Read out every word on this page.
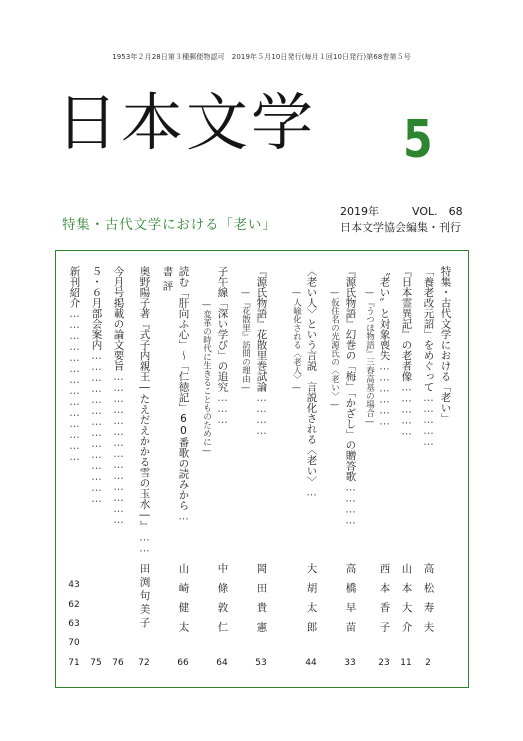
1953年２月28日第３種郵便物認可　2019年５月10日発行(毎月１回10日発行)第68巻第５号
日本文学 5
特集・古代文学における「老い」
2019年	VOL.　68
日本文学協会編集・刊行
特集・古代文学における「老い」
「養老改元詔」をめぐって……………
高松寿夫
2
『日本霊異記』の老者像……………
山本大介
11
〝老い〟と対象喪失………………
西本香子
23
―『うつほ物語』三春高基の場合―
『源氏物語』幻巻の「梅」「かざし」の贈答歌…………
高橋早苗
33
―仮住名の光源氏の〈老い〉―
〈老い人〉という言説　言説化される〈老い〉…
大胡太郎
44
―人喩化される〈老人〉―
『源氏物語』花散里巻試論…………
岡田貴憲
53
―『花散里』訪問の理由―
子午線「深い学び」の追究………
中條敦仁
64
―変革の時代に生きることものために―
読む「肝向ふ心」～「仁徳記」60番歌の読みから…
山崎健太
66
書評
奥野陽子著『式子内親王―たえだえかかる雪の玉水―』……
田渕句美子
72
今月号掲載の論文要旨……………………………………
76
５・６月部会案内……………………………………
75
新刊紹介……………………………………
43
62
63
70
71
